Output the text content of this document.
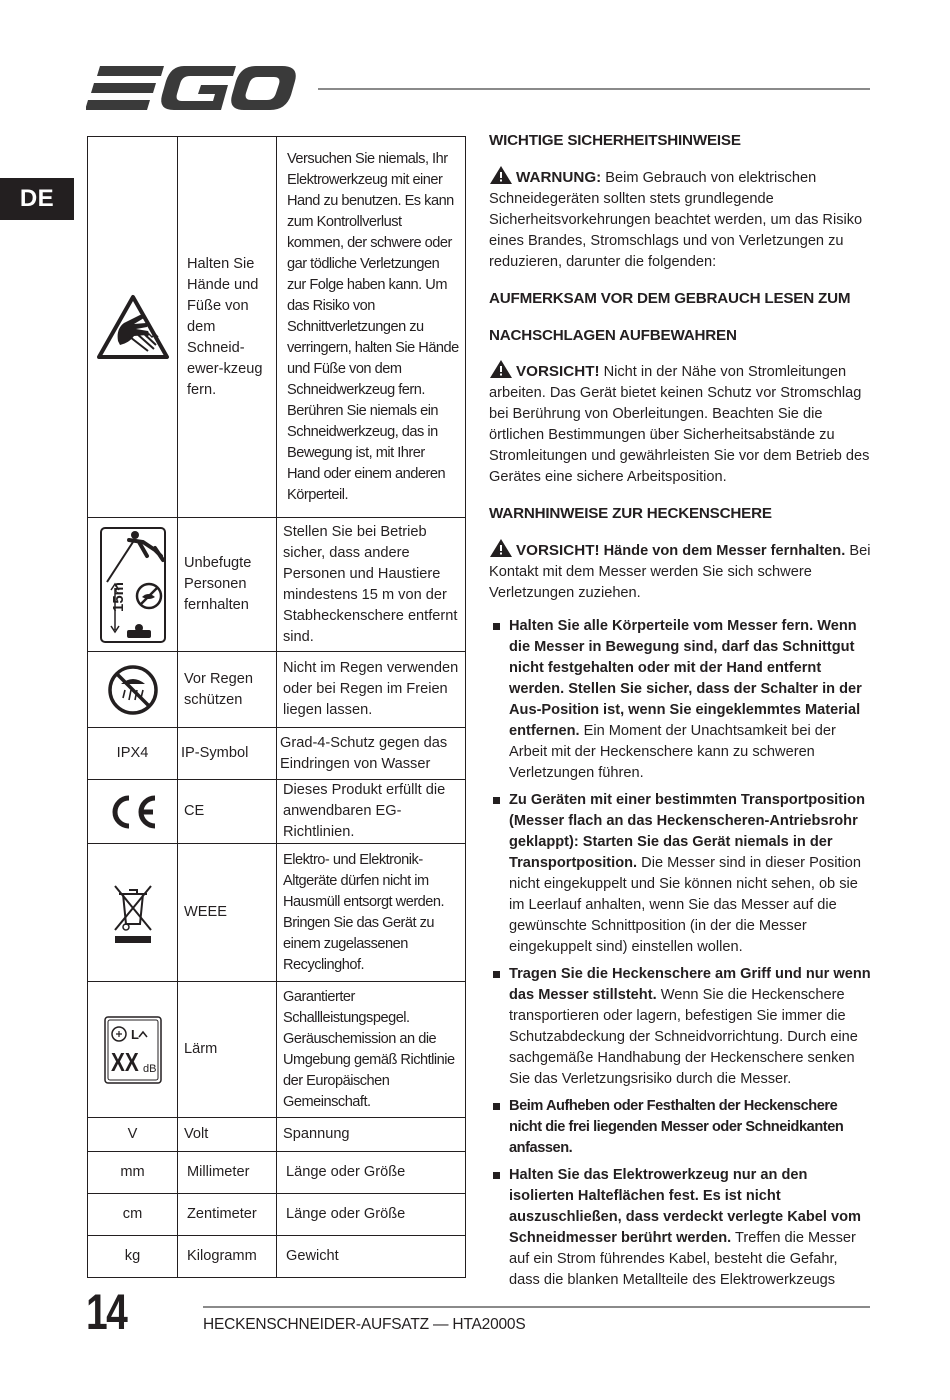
DE
	Halten Sie Hände und Füße von dem Schneid-ewer-kzeug fern.	Versuchen Sie niemals, Ihr Elektrowerkzeug mit einer Hand zu benutzen. Es kann zum Kontrollverlust kommen, der schwere oder gar tödliche Verletzungen zur Folge haben kann. Um das Risiko von Schnittverletzungen zu verringern, halten Sie Hände und Füße von dem Schneidwerkzeug fern. Berühren Sie niemals ein Schneidwerkzeug, das in Bewegung ist, mit Ihrer Hand oder einem anderen Körperteil.

15m	Unbefugte Personen fernhalten	Stellen Sie bei Betrieb sicher, dass andere Personen und Haustiere mindestens 15 m von der Stabheckenschere entfernt sind.

	Vor Regen schützen	Nicht im Regen verwenden oder bei Regen im Freien liegen lassen.
IPX4	IP-Symbol	Grad-4-Schutz gegen das Eindringen von Wasser

	CE	Dieses Produkt erfüllt die anwendbaren EG-Richtlinien.

	WEEE	Elektro- und Elektronik-Altgeräte dürfen nicht im Hausmüll entsorgt werden. Bringen Sie das Gerät zu einem zugelassenen Recyclinghof.

L
XX dB	Lärm	Garantierter Schallleistungspegel. Geräuschemission an die Umgebung gemäß Richtlinie der Europäischen Gemeinschaft.
V	Volt	Spannung
mm	Millimeter	Länge oder Größe
cm	Zentimeter	Länge oder Größe
kg	Kilogramm	Gewicht
WICHTIGE SICHERHEITSHINWEISE

WARNUNG: Beim Gebrauch von elektrischen Schneidegeräten sollten stets grundlegende Sicherheitsvorkehrungen beachtet werden, um das Risiko eines Brandes, Stromschlags und von Verletzungen zu reduzieren, darunter die folgenden:

AUFMERKSAM VOR DEM GEBRAUCH LESEN ZUM
NACHSCHLAGEN AUFBEWAHREN

VORSICHT! Nicht in der Nähe von Stromleitungen arbeiten. Das Gerät bietet keinen Schutz vor Stromschlag bei Berührung von Oberleitungen. Beachten Sie die örtlichen Bestimmungen über Sicherheitsabstände zu Stromleitungen und gewährleisten Sie vor dem Betrieb des Gerätes eine sichere Arbeitsposition.

WARNHINWEISE ZUR HECKENSCHERE

VORSICHT! Hände von dem Messer fernhalten. Bei Kontakt mit dem Messer werden Sie sich schwere Verletzungen zuziehen.

Halten Sie alle Körperteile vom Messer fern. Wenn die Messer in Bewegung sind, darf das Schnittgut nicht festgehalten oder mit der Hand entfernt werden. Stellen Sie sicher, dass der Schalter in der Aus-Position ist, wenn Sie eingeklemmtes Material entfernen. Ein Moment der Unachtsamkeit bei der Arbeit mit der Heckenschere kann zu schweren Verletzungen führen.
Zu Geräten mit einer bestimmten Transportposition (Messer flach an das Heckenscheren-Antriebsrohr geklappt): Starten Sie das Gerät niemals in der Transportposition. Die Messer sind in dieser Position nicht eingekuppelt und Sie können nicht sehen, ob sie im Leerlauf anhalten, wenn Sie das Messer auf die gewünschte Schnittposition (in der die Messer eingekuppelt sind) einstellen wollen.
Tragen Sie die Heckenschere am Griff und nur wenn das Messer stillsteht. Wenn Sie die Heckenschere transportieren oder lagern, befestigen Sie immer die Schutzabdeckung der Schneidvorrichtung. Durch eine sachgemäße Handhabung der Heckenschere senken Sie das Verletzungsrisiko durch die Messer.
Beim Aufheben oder Festhalten der Heckenschere nicht die frei liegenden Messer oder Schneidkanten anfassen.
Halten Sie das Elektrowerkzeug nur an den isolierten Halteflächen fest. Es ist nicht auszuschließen, dass verdeckt verlegte Kabel vom Schneidmesser berührt werden. Treffen die Messer auf ein Strom führendes Kabel, besteht die Gefahr, dass die blanken Metallteile des Elektrowerkzeugs
14	HECKENSCHNEIDER-AUFSATZ — HTA2000S
